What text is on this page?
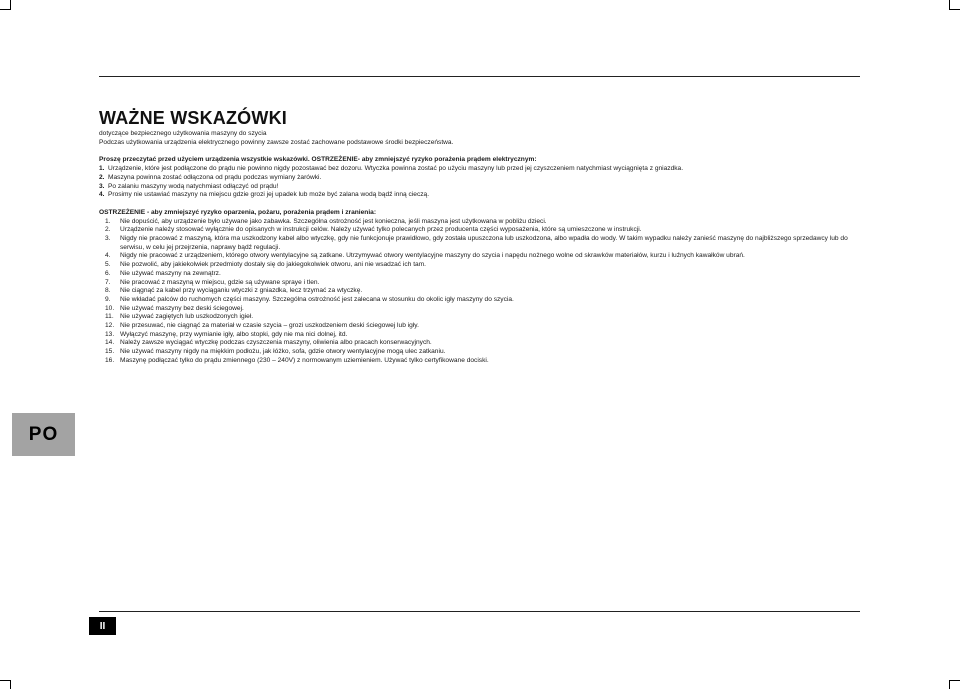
WAŻNE WSKAZÓWKI

dotyczące bezpiecznego użytkowania maszyny do szycia

Podczas użytkowania urządzenia elektrycznego powinny zawsze zostać zachowane podstawowe środki bezpieczeństwa.

Proszę przeczytać przed użyciem urządzenia wszystkie wskazówki. OSTRZEŻENIE- aby zmniejszyć ryzyko porażenia prądem elektrycznym:

1. Urządzenie, które jest podłączone do prądu nie powinno nigdy pozostawać bez dozoru. Wtyczka powinna zostać po użyciu maszyny lub przed jej czyszczeniem natychmiast wyciągnięta z gniazdka.
2. Maszyna powinna zostać odłączona od prądu podczas wymiany żarówki.
3. Po zalaniu maszyny wodą natychmiast odłączyć od prądu!
4. Prosimy nie ustawiać maszyny na miejscu gdzie grozi jej upadek lub może być zalana wodą bądź inną cieczą.

OSTRZEŻENIE - aby zmniejszyć ryzyko oparzenia, pożaru, porażenia prądem i zranienia:

1.	Nie dopuścić, aby urządzenie było używane jako zabawka. Szczególna ostrożność jest konieczna, jeśli maszyna jest użytkowana w pobliżu dzieci.
2.	Urządzenie należy stosować wyłącznie do opisanych w instrukcji celów. Należy używać tylko polecanych przez producenta części wyposażenia, które są umieszczone w instrukcji.
3.	Nigdy nie pracować z maszyną, która ma uszkodzony kabel albo wtyczkę, gdy nie funkcjonuje prawidłowo, gdy została upuszczona lub uszkodzona, albo wpadła do wody. W takim wypadku należy zanieść maszynę do najbliższego sprzedawcy lub do serwisu, w celu jej przejrzenia, naprawy bądź regulacji.
4.	Nigdy nie pracować z urządzeniem, którego otwory wentylacyjne są zatkane. Utrzymywać otwory wentylacyjne maszyny do szycia i napędu nożnego wolne od skrawków materiałów, kurzu i luźnych kawałków ubrań.
5.	Nie pozwolić, aby jakiekolwiek przedmioty dostały się do jakiegokolwiek otworu, ani nie wsadzać ich tam.
6.	Nie używać maszyny na zewnątrz.
7.	Nie pracować z maszyną w miejscu, gdzie są używane spraye i tlen.
8.	Nie ciągnąć za kabel przy wyciąganiu wtyczki z gniazdka, lecz trzymać za wtyczkę.
9.	Nie wkładać palców do ruchomych części maszyny. Szczególna ostrożność jest zalecana w stosunku do okolic igły maszyny do szycia.
10. Nie używać maszyny bez deski ściegowej.
11. Nie używać zagiętych lub uszkodzonych igieł.
12. Nie przesuwać, nie ciągnąć za materiał w czasie szycia – grozi uszkodzeniem deski ściegowej lub igły.
13. Wyłączyć maszynę, przy wymianie igły, albo stopki, gdy nie ma nici dolnej, itd.
14. Należy zawsze wyciągać wtyczkę podczas czyszczenia maszyny, oliwienia albo pracach konserwacyjnych.
15. Nie używać maszyny nigdy na miękkim podłożu, jak łóżko, sofa, gdzie otwory wentylacyjne mogą ulec zatkaniu.
16. Maszynę podłączać tylko do prądu zmiennego (230 – 240V) z normowanym uziemieniem. Używać tylko certyfikowane dociski.
PO
II
